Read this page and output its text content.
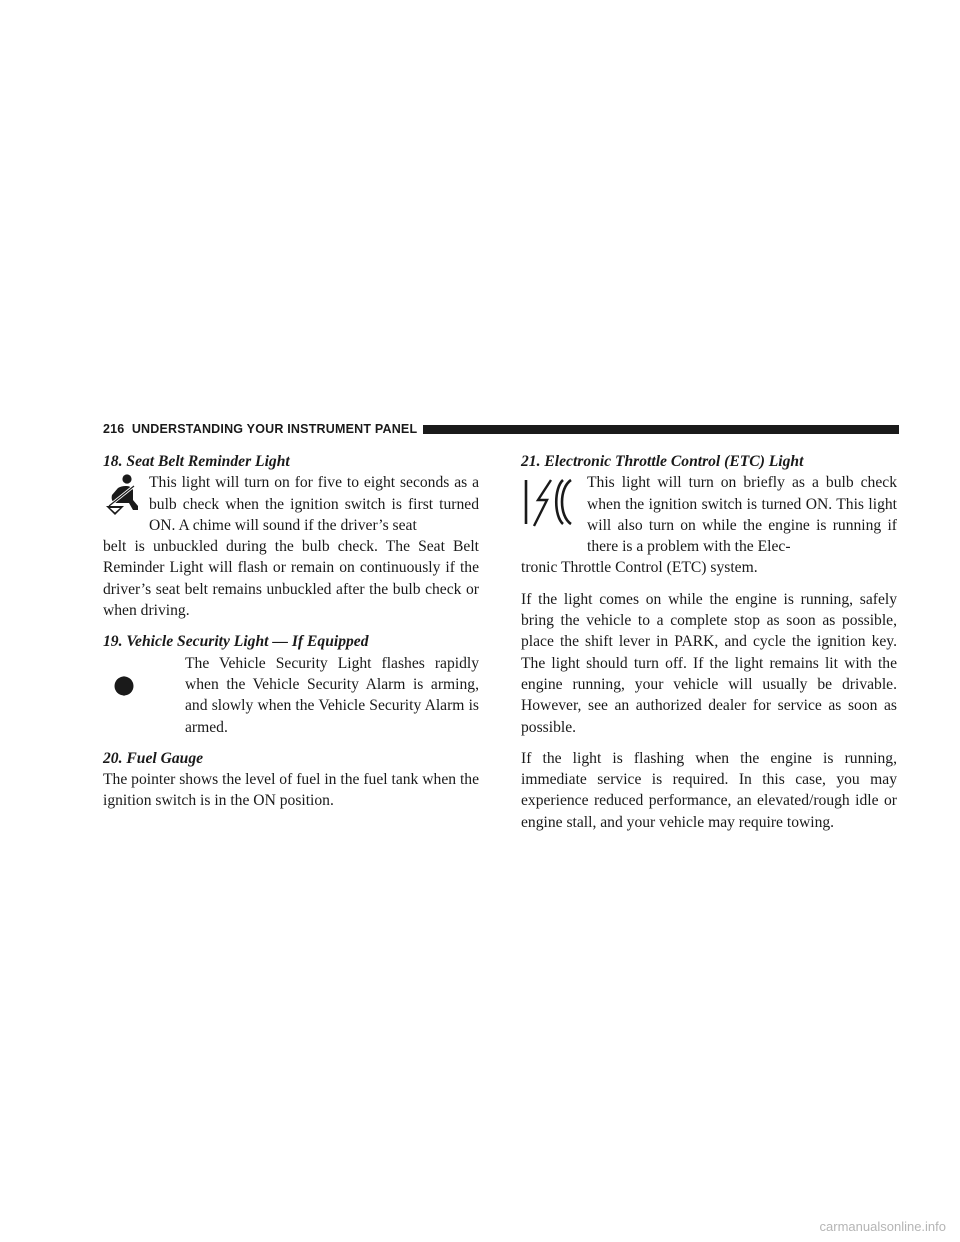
216 UNDERSTANDING YOUR INSTRUMENT PANEL
18. Seat Belt Reminder Light
This light will turn on for five to eight seconds as a bulb check when the ignition switch is first turned ON. A chime will sound if the driver’s seat

belt is unbuckled during the bulb check. The Seat Belt Reminder Light will flash or remain on continuously if the driver’s seat belt remains unbuckled after the bulb check or when driving.

19. Vehicle Security Light — If Equipped
The Vehicle Security Light flashes rapidly when the Vehicle Security Alarm is arming, and slowly when the Vehicle Security Alarm is armed.
20. Fuel Gauge

The pointer shows the level of fuel in the fuel tank when the ignition switch is in the ON position.

21. Electronic Throttle Control (ETC) Light
This light will turn on briefly as a bulb check when the ignition switch is turned ON. This light will also turn on while the engine is running if there is a problem with the Elec-

tronic Throttle Control (ETC) system.

If the light comes on while the engine is running, safely bring the vehicle to a complete stop as soon as possible, place the shift lever in PARK, and cycle the ignition key. The light should turn off. If the light remains lit with the engine running, your vehicle will usually be drivable. However, see an authorized dealer for service as soon as possible.

If the light is flashing when the engine is running, immediate service is required. In this case, you may experience reduced performance, an elevated/rough idle or engine stall, and your vehicle may require towing.

carmanualsonline.info
